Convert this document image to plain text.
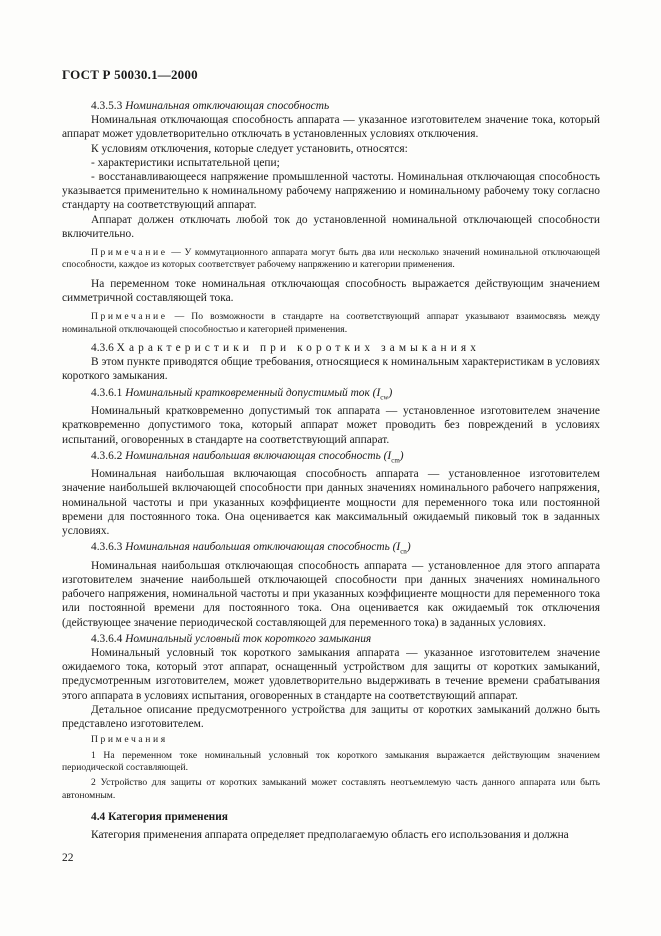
ГОСТ Р 50030.1—2000

4.3.5.3 Номинальная отключающая способность

Номинальная отключающая способность аппарата — указанное изготовителем значение тока, который аппарат может удовлетворительно отключать в установленных условиях отключения.

К условиям отключения, которые следует установить, относятся:

- характеристики испытательной цепи;

- восстанавливающееся напряжение промышленной частоты. Номинальная отключающая способность указывается применительно к номинальному рабочему напряжению и номинальному рабочему току согласно стандарту на соответствующий аппарат.

Аппарат должен отключать любой ток до установленной номинальной отключающей способности включительно.

Примечание — У коммутационного аппарата могут быть два или несколько значений номинальной отключающей способности, каждое из которых соответствует рабочему напряжению и категории применения.

На переменном токе номинальная отключающая способность выражается действующим значением симметричной составляющей тока.

Примечание — По возможности в стандарте на соответствующий аппарат указывают взаимосвязь между номинальной отключающей способностью и категорией применения.

4.3.6 Характеристики при коротких замыканиях

В этом пункте приводятся общие требования, относящиеся к номинальным характеристикам в условиях короткого замыкания.

4.3.6.1 Номинальный кратковременный допустимый ток $(I_{cw})$

Номинальный кратковременно допустимый ток аппарата — установленное изготовителем значение кратковременно допустимого тока, который аппарат может проводить без повреждений в условиях испытаний, оговоренных в стандарте на соответствующий аппарат.

4.3.6.2 Номинальная наибольшая включающая способность $(I_{cm})$

Номинальная наибольшая включающая способность аппарата — установленное изготовителем значение наибольшей включающей способности при данных значениях номинального рабочего напряжения, номинальной частоты и при указанных коэффициенте мощности для переменного тока или постоянной времени для постоянного тока. Она оценивается как максимальный ожидаемый пиковый ток в заданных условиях.

4.3.6.3 Номинальная наибольшая отключающая способность $(I_{cn})$

Номинальная наибольшая отключающая способность аппарата — установленное для этого аппарата изготовителем значение наибольшей отключающей способности при данных значениях номинального рабочего напряжения, номинальной частоты и при указанных коэффициенте мощности для переменного тока или постоянной времени для постоянного тока. Она оценивается как ожидаемый ток отключения (действующее значение периодической составляющей для переменного тока) в заданных условиях.

4.3.6.4 Номинальный условный ток короткого замыкания

Номинальный условный ток короткого замыкания аппарата — указанное изготовителем значение ожидаемого тока, который этот аппарат, оснащенный устройством для защиты от коротких замыканий, предусмотренным изготовителем, может удовлетворительно выдерживать в течение времени срабатывания этого аппарата в условиях испытания, оговоренных в стандарте на соответствующий аппарат.

Детальное описание предусмотренного устройства для защиты от коротких замыканий должно быть представлено изготовителем.

Примечания

1 На переменном токе номинальный условный ток короткого замыкания выражается действующим значением периодической составляющей.

2 Устройство для защиты от коротких замыканий может составлять неотъемлемую часть данного аппарата или быть автономным.

4.4 Категория применения

Категория применения аппарата определяет предполагаемую область его использования и должна

22
